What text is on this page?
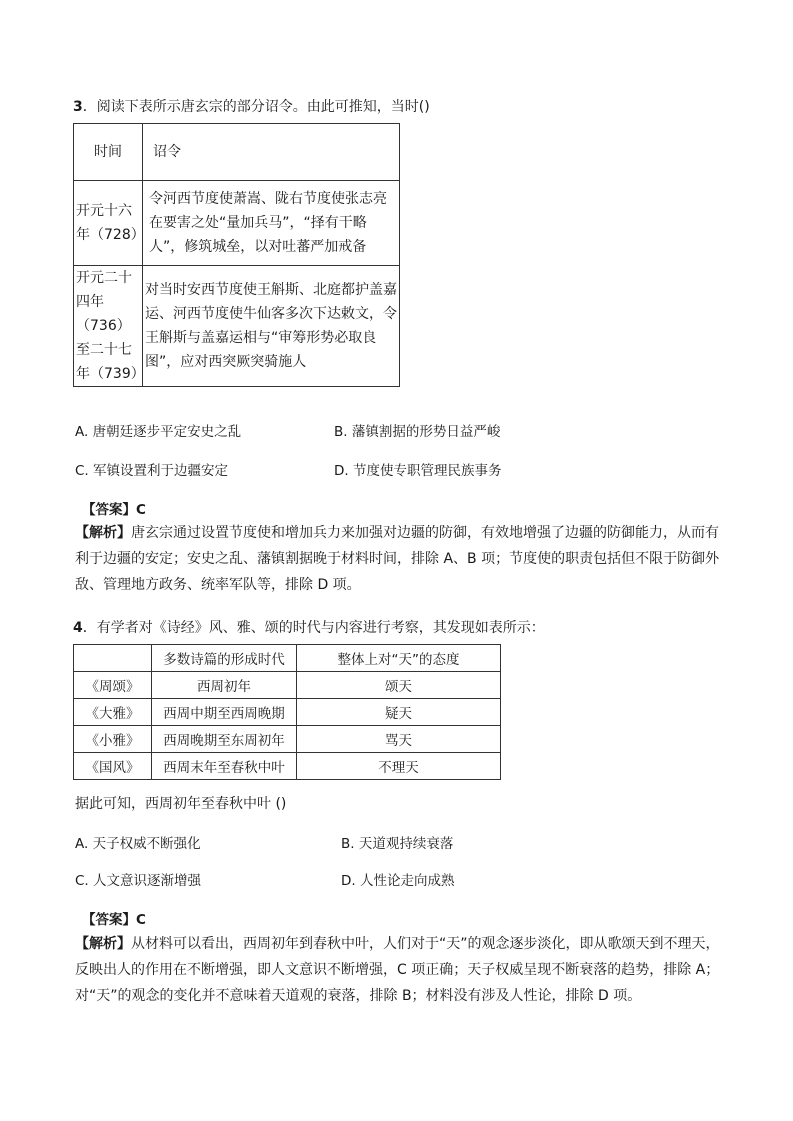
3．阅读下表所示唐玄宗的部分诏令。由此可推知，当时()
时间	诏令
开元十六年（728）	令河西节度使萧嵩、陇右节度使张志亮在要害之处“量加兵马”，“择有干略人”，修筑城垒，以对吐蕃严加戒备
开元二十四年（736）至二十七年（739）	对当时安西节度使王斛斯、北庭都护盖嘉运、河西节度使牛仙客多次下达敕文，令王斛斯与盖嘉运相与“审筹形势必取良图”，应对西突厥突骑施人
A. 唐朝廷逐步平定安史之乱	B. 藩镇割据的形势日益严峻
C. 军镇设置利于边疆安定	D. 节度使专职管理民族事务
【答案】C
【解析】唐玄宗通过设置节度使和增加兵力来加强对边疆的防御，有效地增强了边疆的防御能力，从而有利于边疆的安定；安史之乱、藩镇割据晚于材料时间，排除 A、B 项；节度使的职责包括但不限于防御外敌、管理地方政务、统率军队等，排除 D 项。
4．有学者对《诗经》风、雅、颂的时代与内容进行考察，其发现如表所示：
	多数诗篇的形成时代	整体上对“天”的态度
《周颂》	西周初年	颂天
《大雅》	西周中期至西周晚期	疑天
《小雅》	西周晚期至东周初年	骂天
《国风》	西周末年至春秋中叶	不理天
据此可知，西周初年至春秋中叶 ()
A. 天子权威不断强化	B. 天道观持续衰落
C. 人文意识逐渐增强	D. 人性论走向成熟
【答案】C
【解析】从材料可以看出，西周初年到春秋中叶，人们对于“天”的观念逐步淡化，即从歌颂天到不理天，反映出人的作用在不断增强，即人文意识不断增强，C 项正确；天子权威呈现不断衰落的趋势，排除 A；对“天”的观念的变化并不意味着天道观的衰落，排除 B；材料没有涉及人性论，排除 D 项。
